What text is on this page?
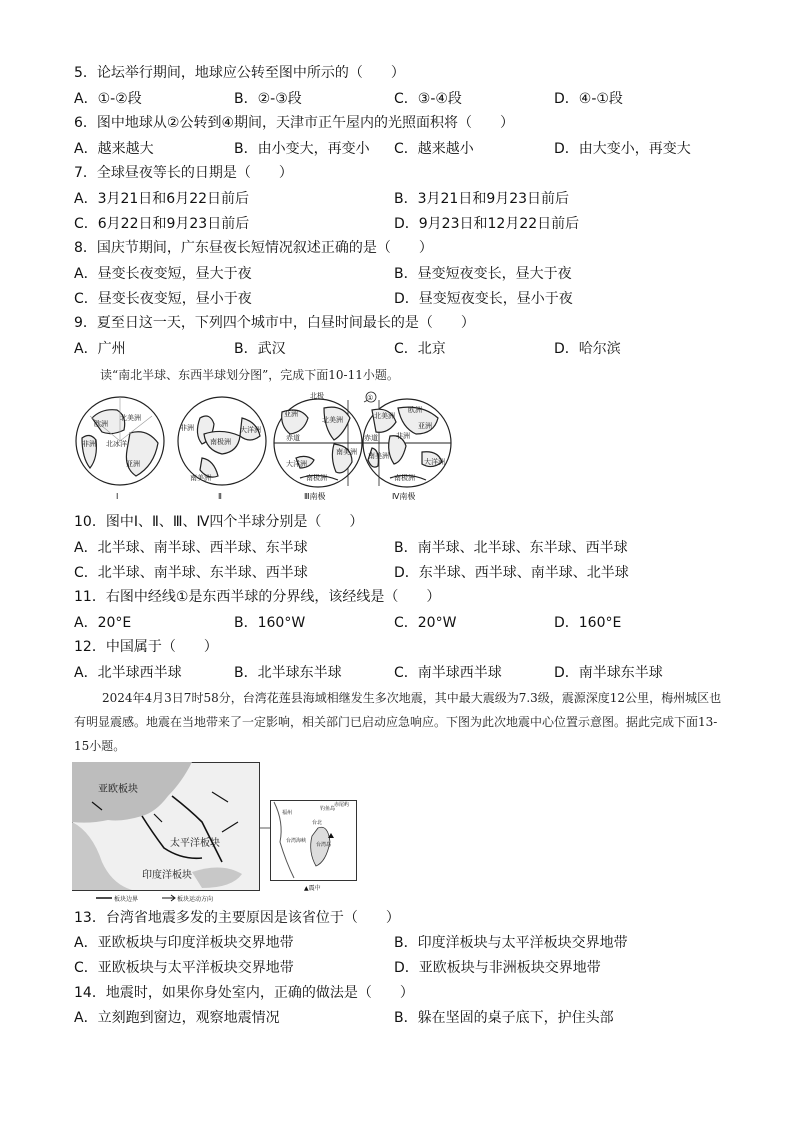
5．论坛举行期间，地球应公转至图中所示的（　　）
A．①-②段	B．②-③段	C．③-④段	D．④-①段
6．图中地球从②公转到④期间，天津市正午屋内的光照面积将（　　）
A．越来越大	B．由小变大，再变小 C．越来越小	D．由大变小，再变大
7．全球昼夜等长的日期是（　　）
A．3月21日和6月22日前后	B．3月21日和9月23日前后
C．6月22日和9月23日前后	D．9月23日和12月22日前后
8．国庆节期间，广东昼夜长短情况叙述正确的是（　　）
A．昼变长夜变短，昼大于夜	B．昼变短夜变长，昼大于夜
C．昼变长夜变短，昼小于夜	D．昼变短夜变长，昼小于夜
9．夏至日这一天，下列四个城市中，白昼时间最长的是（　　）
A．广州	B．武汉	C．北京	D．哈尔滨
读“南北半球、东西半球划分图”，完成下面10-11小题。
北美洲
欧洲
非洲 北冰洋
亚洲
非洲	大洋洲
南极洲
南美洲
北极
亚洲
北美洲
赤道
南美洲
南极洲
大洋洲
①
欧洲
北美洲
非洲
亚洲
赤道
南美洲
南极洲
大洋洲
Ⅰ	Ⅱ	Ⅲ南极	Ⅳ南极
10．图中Ⅰ、Ⅱ、Ⅲ、Ⅳ四个半球分别是（　　）
A．北半球、南半球、西半球、东半球	B．南半球、北半球、东半球、西半球
C．北半球、南半球、东半球、西半球	D．东半球、西半球、南半球、北半球
11．右图中经线①是东西半球的分界线，该经线是（　　）
A．20°E	B．160°W	C．20°W	D．160°E
12．中国属于（　　）
A．北半球西半球	B．北半球东半球	C．南半球西半球	D．南半球东半球
2024年4月3日7时58分，台湾花莲县海域相继发生多次地震，其中最大震级为7.3级，震源深度12公里，梅州城区也有明显震感。地震在当地带来了一定影响，相关部门已启动应急响应。下图为此次地震中心位置示意图。据此完成下面13-15小题。
亚欧板块
太平洋板块
印度洋板块
板块边界	板块运动方向
福州
台北
钓鱼岛
赤尾屿
台湾岛
台湾海峡
▲震中
13．台湾省地震多发的主要原因是该省位于（　　）
A．亚欧板块与印度洋板块交界地带	B．印度洋板块与太平洋板块交界地带
C．亚欧板块与太平洋板块交界地带	D．亚欧板块与非洲板块交界地带
14．地震时，如果你身处室内，正确的做法是（　　）
A．立刻跑到窗边，观察地震情况	B．躲在坚固的桌子底下，护住头部
